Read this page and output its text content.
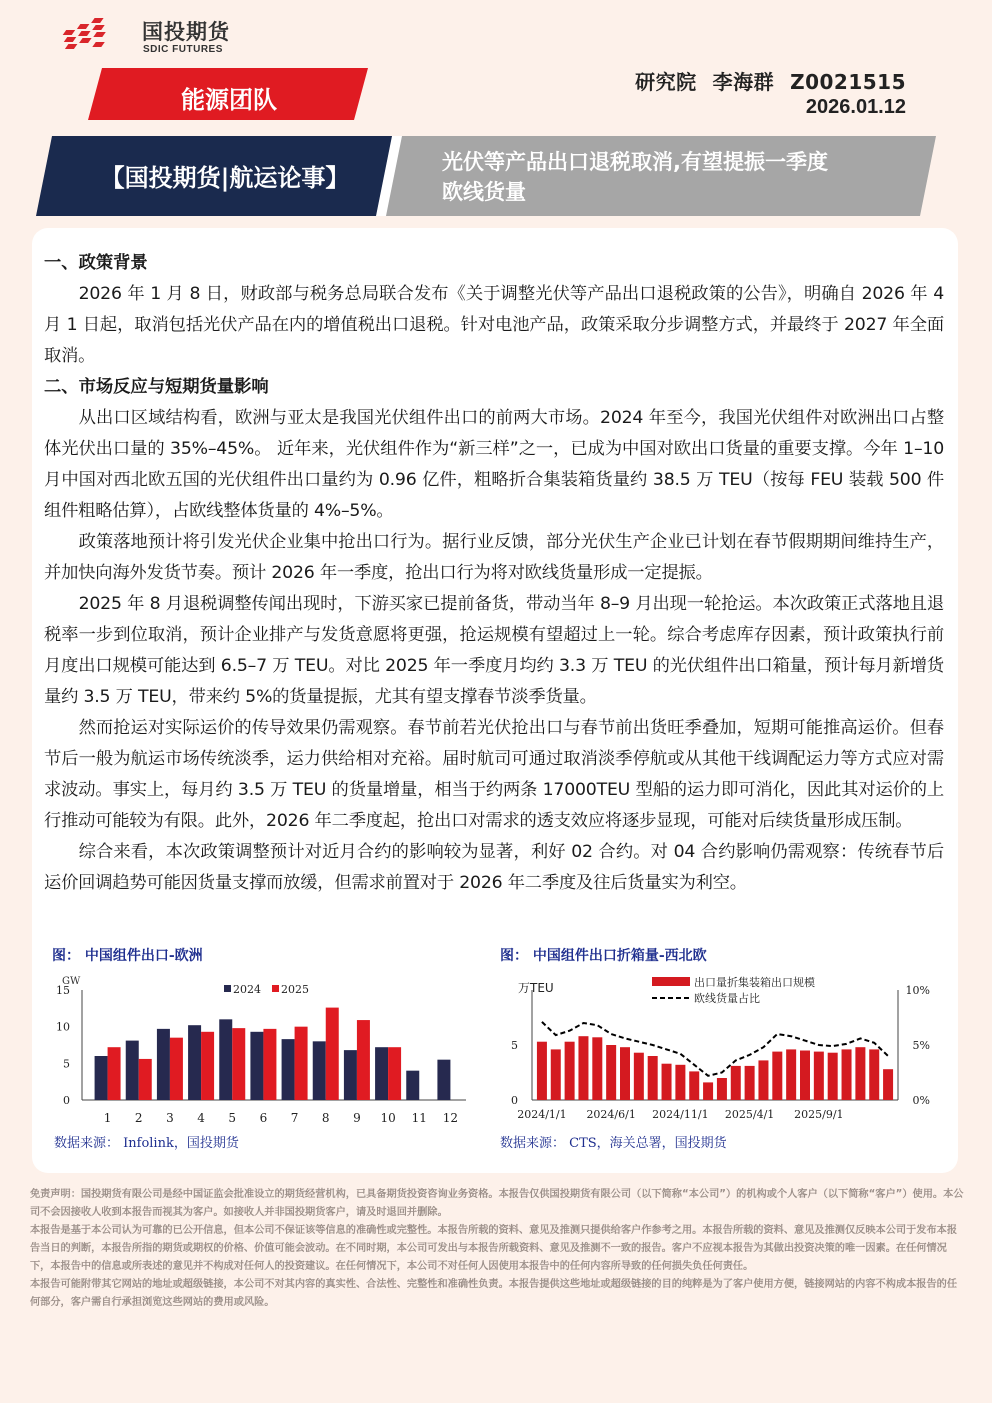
国投期货
SDIC FUTURES
能源团队
研究院 李海群 Z0021515
2026.01.12
【国投期货|航运论事】
光伏等产品出口退税取消,有望提振一季度
欧线货量
一、政策背景

2026 年 1 月 8 日，财政部与税务总局联合发布《关于调整光伏等产品出口退税政策的公告》，明确自 2026 年 4 月 1 日起，取消包括光伏产品在内的增值税出口退税。针对电池产品，政策采取分步调整方式，并最终于 2027 年全面取消。

二、市场反应与短期货量影响

从出口区域结构看，欧洲与亚太是我国光伏组件出口的前两大市场。2024 年至今，我国光伏组件对欧洲出口占整体光伏出口量的 35%–45%。 近年来，光伏组件作为“新三样”之一，已成为中国对欧出口货量的重要支撑。今年 1–10 月中国对西北欧五国的光伏组件出口量约为 0.96 亿件，粗略折合集装箱货量约 38.5 万 TEU（按每 FEU 装载 500 件组件粗略估算），占欧线整体货量的 4%–5%。

政策落地预计将引发光伏企业集中抢出口行为。据行业反馈，部分光伏生产企业已计划在春节假期期间维持生产，并加快向海外发货节奏。预计 2026 年一季度，抢出口行为将对欧线货量形成一定提振。

2025 年 8 月退税调整传闻出现时，下游买家已提前备货，带动当年 8–9 月出现一轮抢运。本次政策正式落地且退税率一步到位取消，预计企业排产与发货意愿将更强，抢运规模有望超过上一轮。综合考虑库存因素，预计政策执行前月度出口规模可能达到 6.5–7 万 TEU。对比 2025 年一季度月均约 3.3 万 TEU 的光伏组件出口箱量，预计每月新增货量约 3.5 万 TEU，带来约 5%的货量提振，尤其有望支撑春节淡季货量。

然而抢运对实际运价的传导效果仍需观察。春节前若光伏抢出口与春节前出货旺季叠加，短期可能推高运价。但春节后一般为航运市场传统淡季，运力供给相对充裕。届时航司可通过取消淡季停航或从其他干线调配运力等方式应对需求波动。事实上，每月约 3.5 万 TEU 的货量增量，相当于约两条 17000TEU 型船的运力即可消化，因此其对运价的上行推动可能较为有限。此外，2026 年二季度起，抢出口对需求的透支效应将逐步显现，可能对后续货量形成压制。

综合来看，本次政策调整预计对近月合约的影响较为显著，利好 02 合约。对 04 合约影响仍需观察：传统春节后运价回调趋势可能因货量支撑而放缓，但需求前置对于 2026 年二季度及往后货量实为利空。

图： 中国组件出口-欧洲
GW
0
5
10
15
1 2 3 4 5 6 7 8 9 10 11 12
2024 2025
数据来源： Infolink，国投期货
图： 中国组件出口折箱量-西北欧
万TEU
0
5
0%
5%
10%
2024/1/1 2024/6/1 2024/11/1 2025/4/1 2025/9/1
出口量折集装箱出口规模
欧线货量占比
数据来源： CTS，海关总署，国投期货

免责声明：国投期货有限公司是经中国证监会批准设立的期货经营机构，已具备期货投资咨询业务资格。本报告仅供国投期货有限公司（以下简称“本公司”）的机构或个人客户（以下简称“客户”）使用。本公司不会因接收人收到本报告而视其为客户。如接收人并非国投期货客户，请及时退回并删除。

本报告是基于本公司认为可靠的已公开信息，但本公司不保证该等信息的准确性或完整性。本报告所载的资料、意见及推测只提供给客户作参考之用。本报告所载的资料、意见及推测仅反映本公司于发布本报告当日的判断，本报告所指的期货或期权的价格、价值可能会波动。在不同时期，本公司可发出与本报告所载资料、意见及推测不一致的报告。客户不应视本报告为其做出投资决策的唯一因素。在任何情况下，本报告中的信息或所表述的意见并不构成对任何人的投资建议。在任何情况下，本公司不对任何人因使用本报告中的任何内容所导致的任何损失负任何责任。

本报告可能附带其它网站的地址或超级链接，本公司不对其内容的真实性、合法性、完整性和准确性负责。本报告提供这些地址或超级链接的目的纯粹是为了客户使用方便，链接网站的内容不构成本报告的任何部分，客户需自行承担浏览这些网站的费用或风险。
